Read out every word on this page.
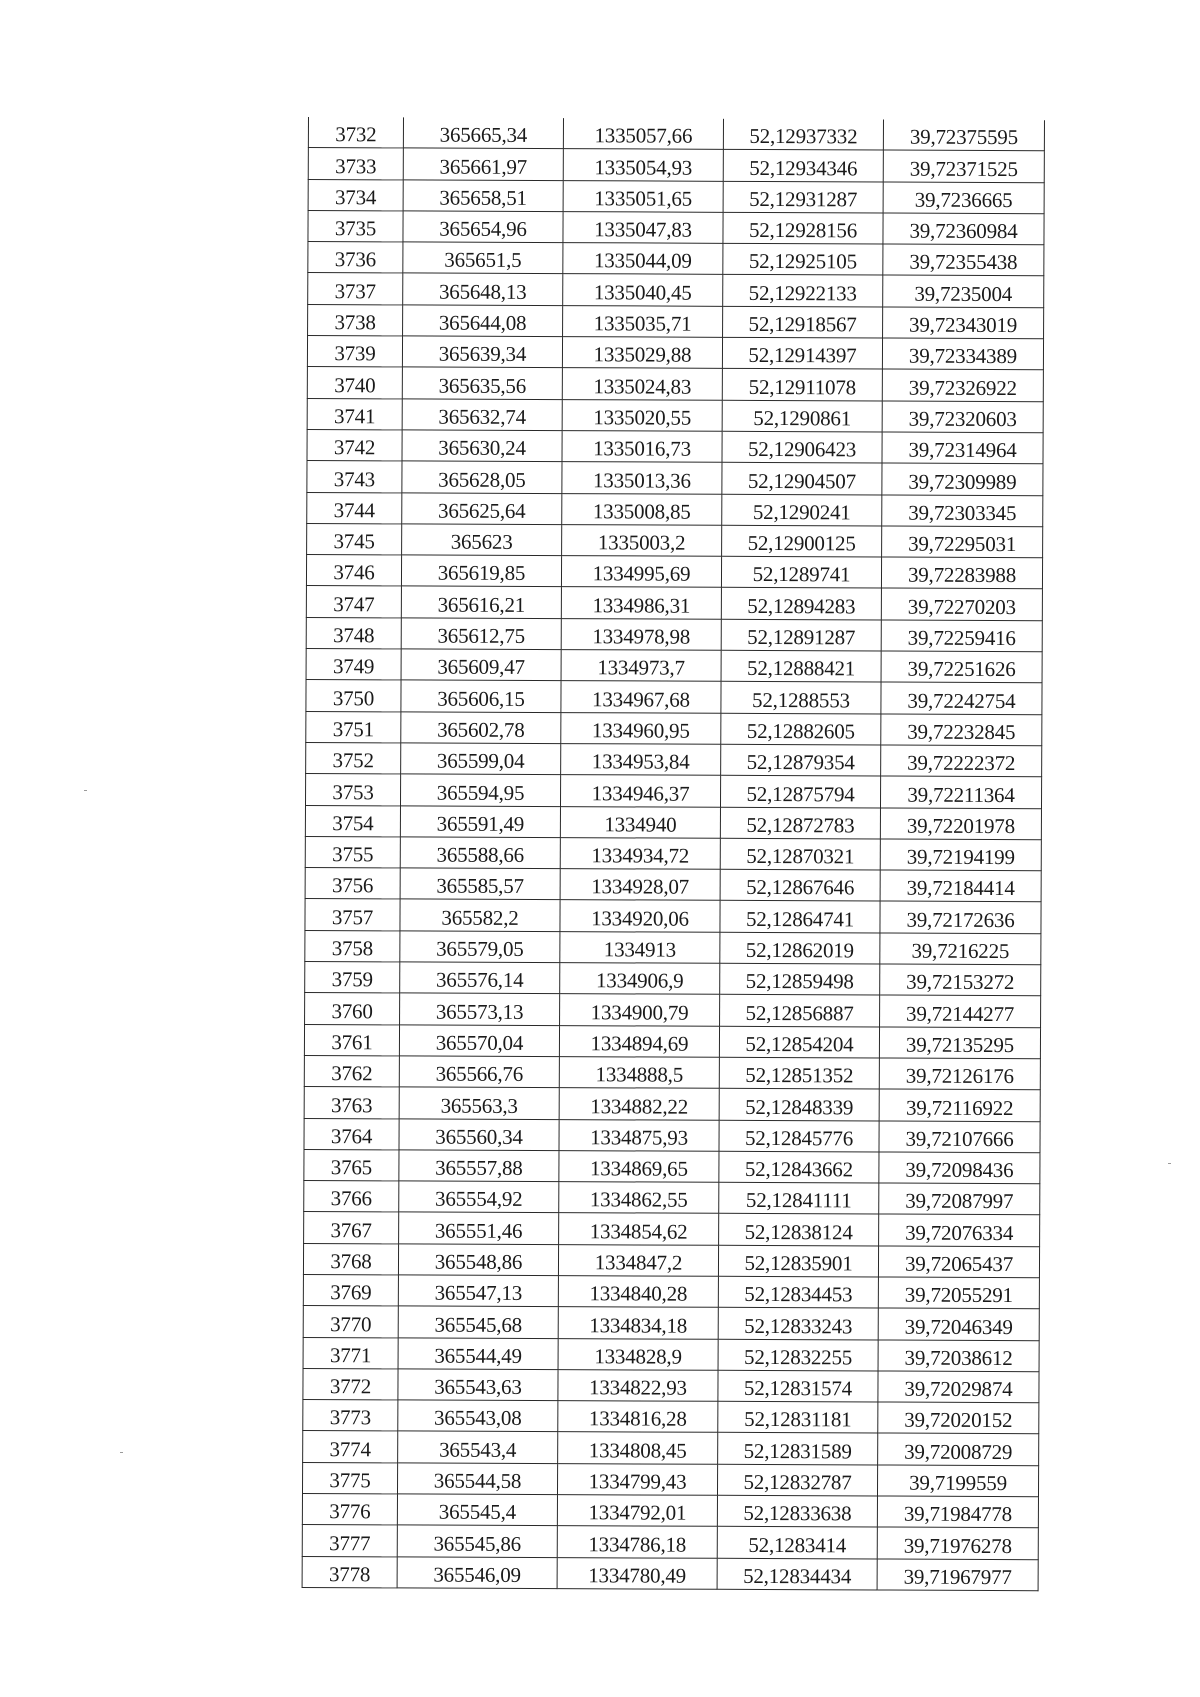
3732	365665,34	1335057,66	52,12937332	39,72375595
3733	365661,97	1335054,93	52,12934346	39,72371525
3734	365658,51	1335051,65	52,12931287	39,7236665
3735	365654,96	1335047,83	52,12928156	39,72360984
3736	365651,5	1335044,09	52,12925105	39,72355438
3737	365648,13	1335040,45	52,12922133	39,7235004
3738	365644,08	1335035,71	52,12918567	39,72343019
3739	365639,34	1335029,88	52,12914397	39,72334389
3740	365635,56	1335024,83	52,12911078	39,72326922
3741	365632,74	1335020,55	52,1290861	39,72320603
3742	365630,24	1335016,73	52,12906423	39,72314964
3743	365628,05	1335013,36	52,12904507	39,72309989
3744	365625,64	1335008,85	52,1290241	39,72303345
3745	365623	1335003,2	52,12900125	39,72295031
3746	365619,85	1334995,69	52,1289741	39,72283988
3747	365616,21	1334986,31	52,12894283	39,72270203
3748	365612,75	1334978,98	52,12891287	39,72259416
3749	365609,47	1334973,7	52,12888421	39,72251626
3750	365606,15	1334967,68	52,1288553	39,72242754
3751	365602,78	1334960,95	52,12882605	39,72232845
3752	365599,04	1334953,84	52,12879354	39,72222372
3753	365594,95	1334946,37	52,12875794	39,72211364
3754	365591,49	1334940	52,12872783	39,72201978
3755	365588,66	1334934,72	52,12870321	39,72194199
3756	365585,57	1334928,07	52,12867646	39,72184414
3757	365582,2	1334920,06	52,12864741	39,72172636
3758	365579,05	1334913	52,12862019	39,7216225
3759	365576,14	1334906,9	52,12859498	39,72153272
3760	365573,13	1334900,79	52,12856887	39,72144277
3761	365570,04	1334894,69	52,12854204	39,72135295
3762	365566,76	1334888,5	52,12851352	39,72126176
3763	365563,3	1334882,22	52,12848339	39,72116922
3764	365560,34	1334875,93	52,12845776	39,72107666
3765	365557,88	1334869,65	52,12843662	39,72098436
3766	365554,92	1334862,55	52,12841111	39,72087997
3767	365551,46	1334854,62	52,12838124	39,72076334
3768	365548,86	1334847,2	52,12835901	39,72065437
3769	365547,13	1334840,28	52,12834453	39,72055291
3770	365545,68	1334834,18	52,12833243	39,72046349
3771	365544,49	1334828,9	52,12832255	39,72038612
3772	365543,63	1334822,93	52,12831574	39,72029874
3773	365543,08	1334816,28	52,12831181	39,72020152
3774	365543,4	1334808,45	52,12831589	39,72008729
3775	365544,58	1334799,43	52,12832787	39,7199559
3776	365545,4	1334792,01	52,12833638	39,71984778
3777	365545,86	1334786,18	52,1283414	39,71976278
3778	365546,09	1334780,49	52,12834434	39,71967977
